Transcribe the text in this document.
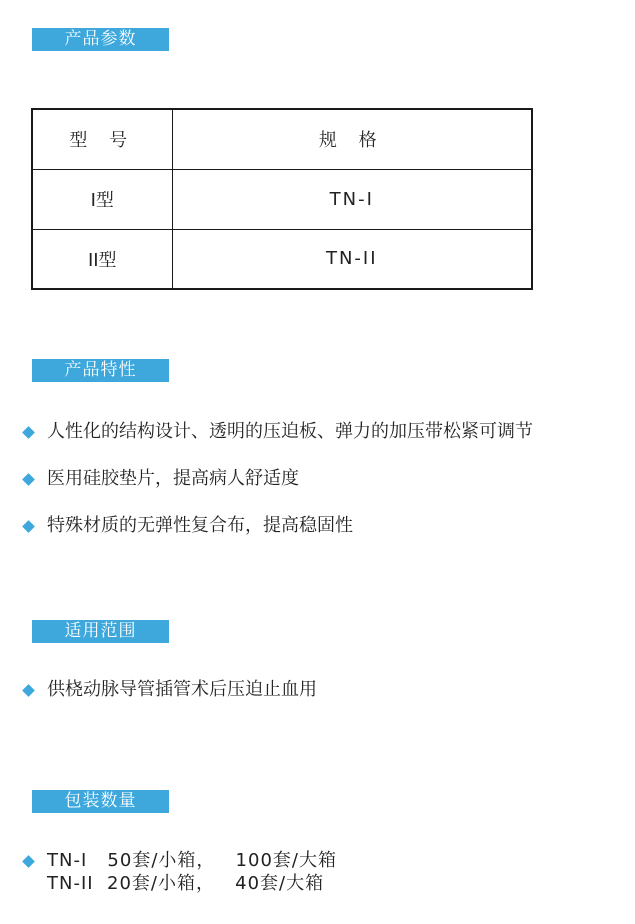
产品参数
型 号	规 格
I型	TN-I
II型	TN-II
产品特性
人性化的结构设计、透明的压迫板、弹力的加压带松紧可调节
医用硅胶垫片，提高病人舒适度
特殊材质的无弹性复合布，提高稳固性
适用范围
供桡动脉导管插管术后压迫止血用
包装数量
TN-I   50套/小箱，   100套/大箱
TN-II  20套/小箱，   40套/大箱
